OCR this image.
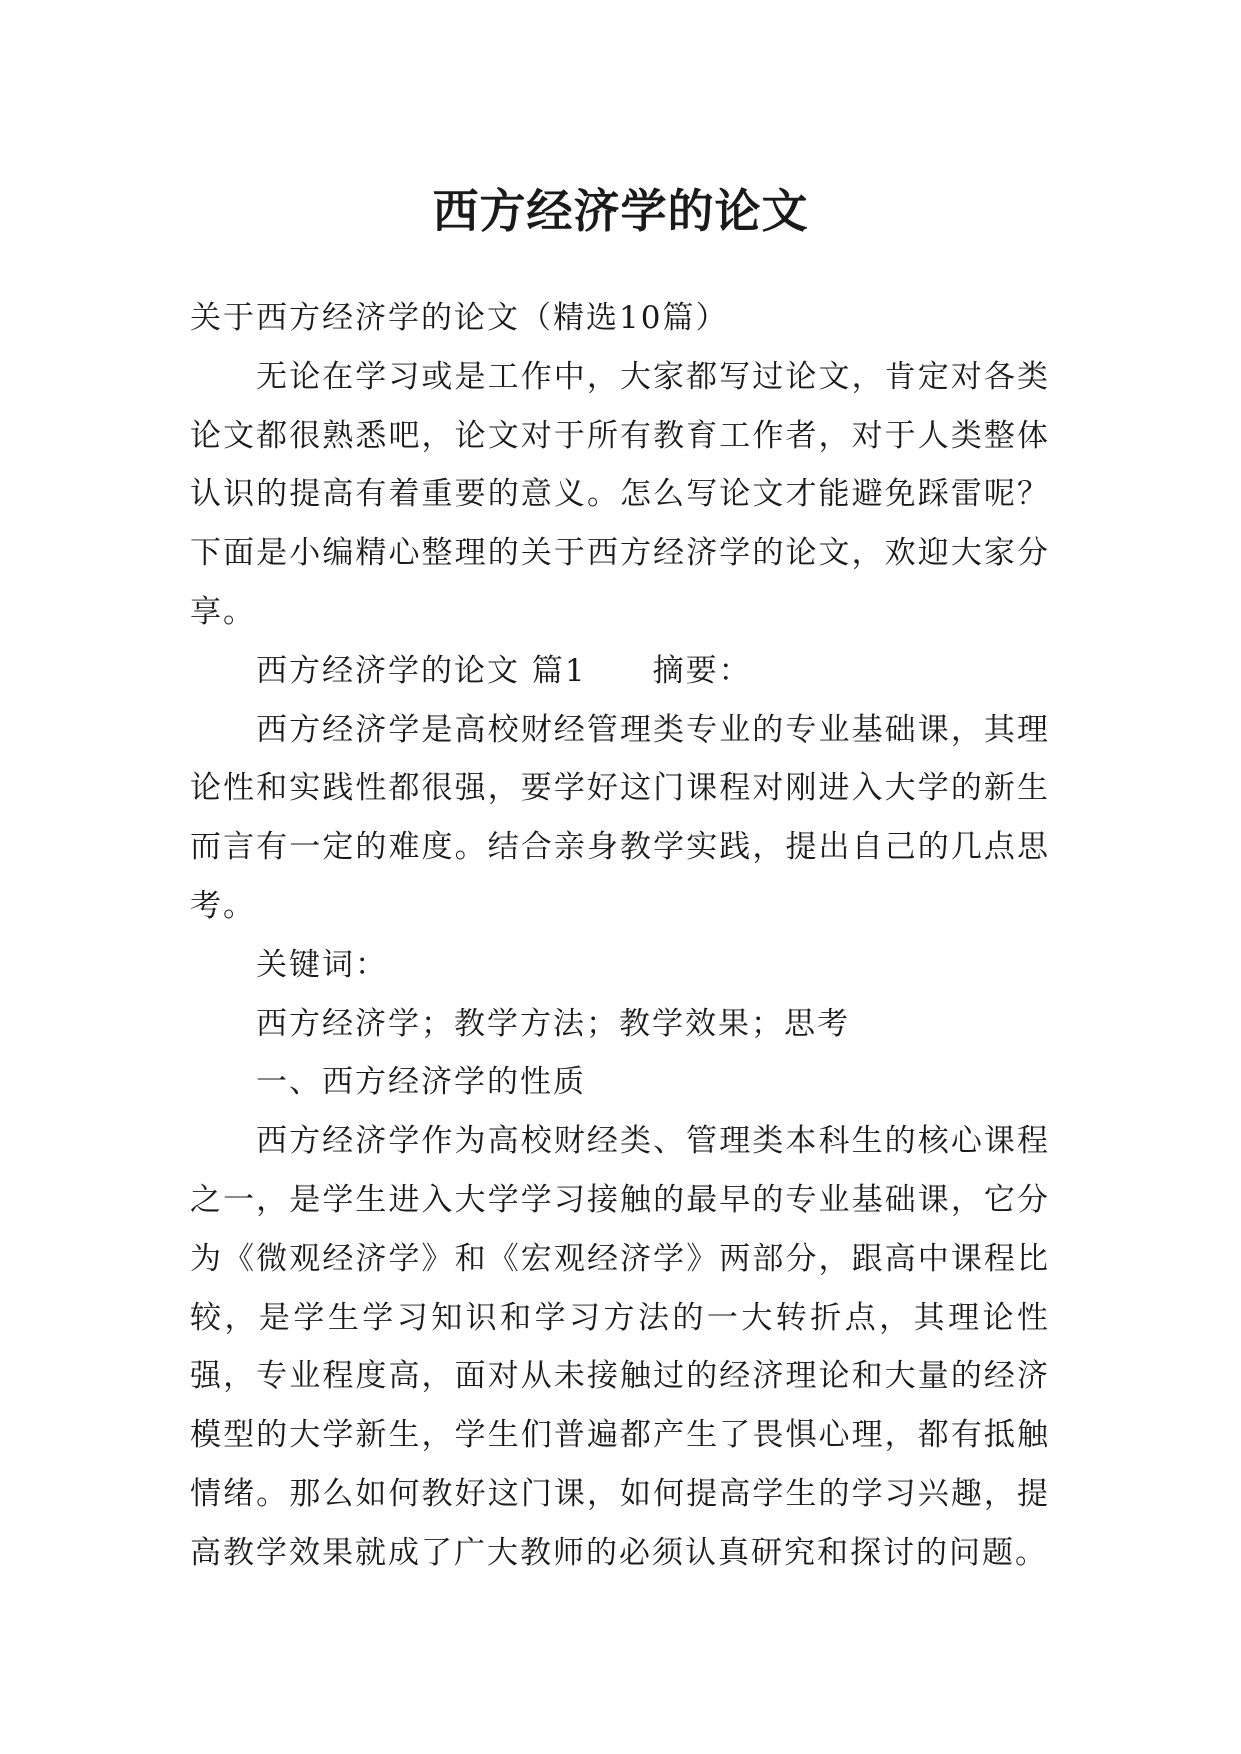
西方经济学的论文

关于西方经济学的论文（精选10篇）

无论在学习或是工作中，大家都写过论文，肯定对各类论文都很熟悉吧，论文对于所有教育工作者，对于人类整体认识的提高有着重要的意义。怎么写论文才能避免踩雷呢？下面是小编精心整理的关于西方经济学的论文，欢迎大家分享。

西方经济学的论文 篇1　　摘要：

西方经济学是高校财经管理类专业的专业基础课，其理论性和实践性都很强，要学好这门课程对刚进入大学的新生而言有一定的难度。结合亲身教学实践，提出自己的几点思考。

关键词：

西方经济学；教学方法；教学效果；思考

一、西方经济学的性质

西方经济学作为高校财经类、管理类本科生的核心课程之一，是学生进入大学学习接触的最早的专业基础课，它分为《微观经济学》和《宏观经济学》两部分，跟高中课程比较，是学生学习知识和学习方法的一大转折点，其理论性强，专业程度高，面对从未接触过的经济理论和大量的经济模型的大学新生，学生们普遍都产生了畏惧心理，都有抵触情绪。那么如何教好这门课，如何提高学生的学习兴趣，提高教学效果就成了广大教师的必须认真研究和探讨的问题。
